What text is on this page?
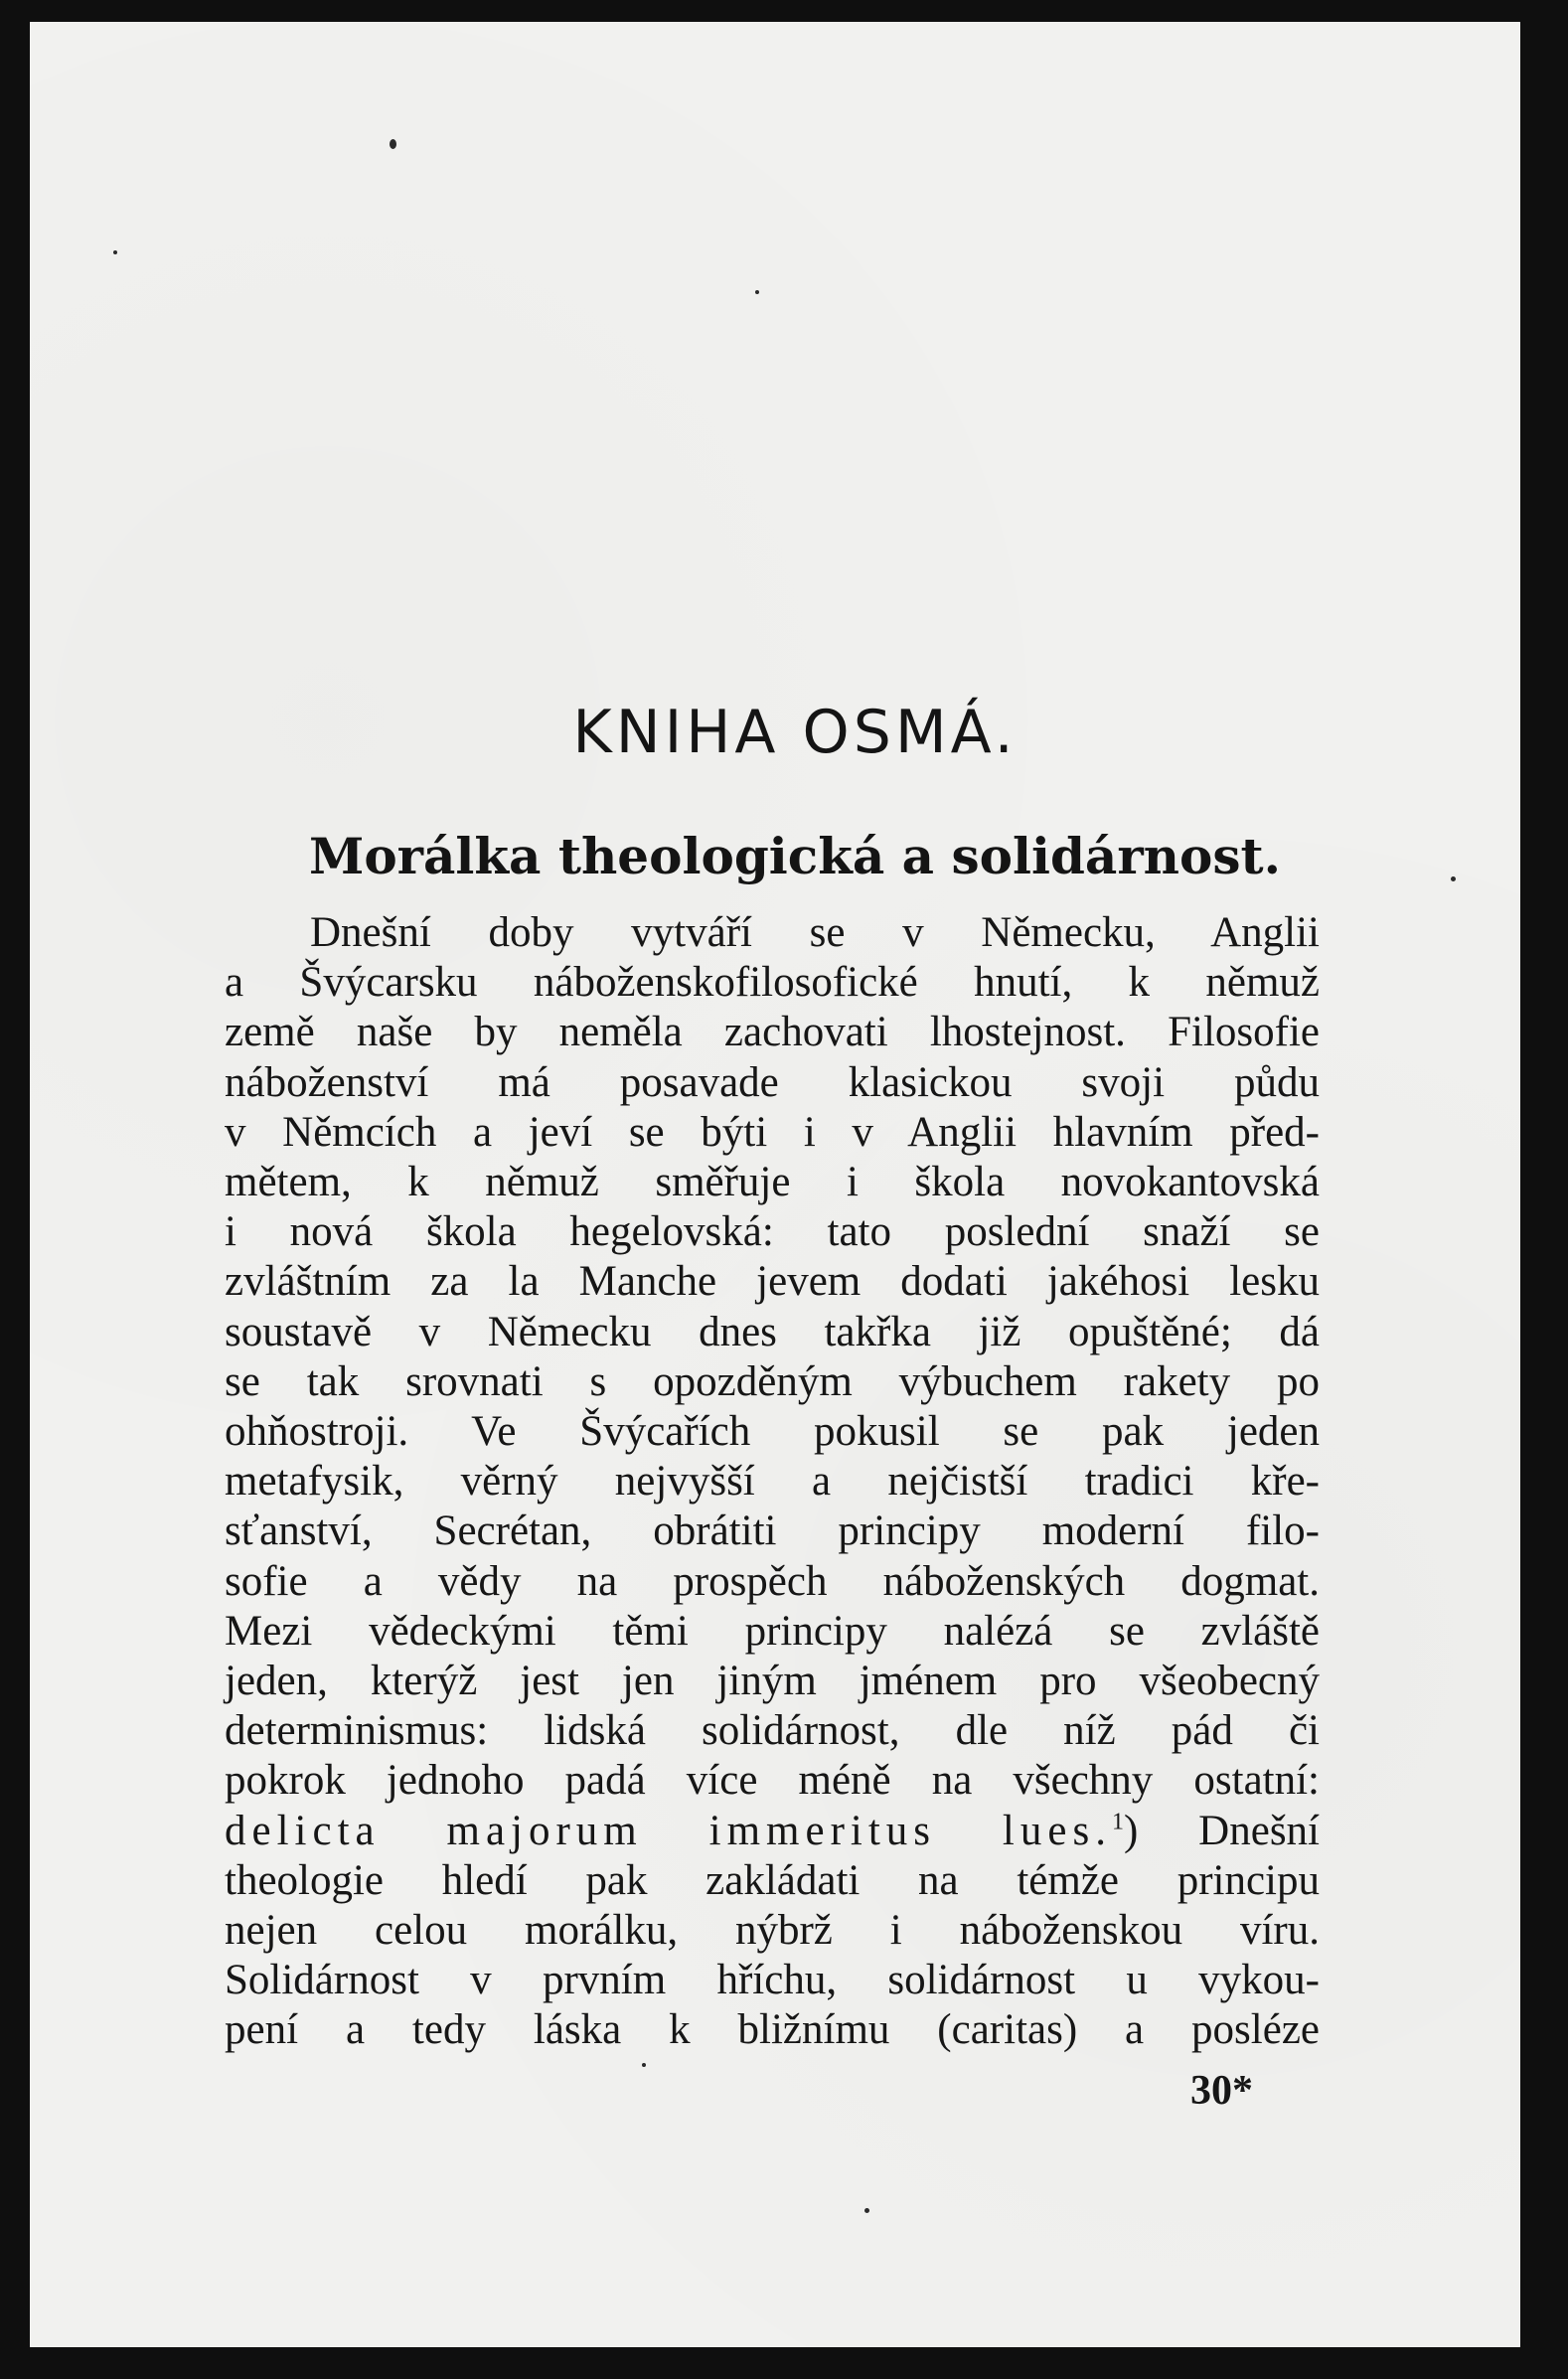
KNIHA OSMÁ.
Morálka theologická a solidárnost.
Dnešní doby vytváří se v Německu, Anglii
a Švýcarsku náboženskofilosofické hnutí, k němuž
země naše by neměla zachovati lhostejnost. Filosofie
náboženství má posavade klasickou svoji půdu
v Němcích a jeví se býti i v Anglii hlavním před-
mětem, k němuž směřuje i škola novokantovská
i nová škola hegelovská: tato poslední snaží se
zvláštním za la Manche jevem dodati jakéhosi lesku
soustavě v Německu dnes takřka již opuštěné; dá
se tak srovnati s opozděným výbuchem rakety po
ohňostroji. Ve Švýcařích pokusil se pak jeden
metafysik, věrný nejvyšší a nejčistší tradici kře-
sťanství, Secrétan, obrátiti principy moderní filo-
sofie a vědy na prospěch náboženských dogmat.
Mezi vědeckými těmi principy nalézá se zvláště
jeden, kterýž jest jen jiným jménem pro všeobecný
determinismus: lidská solidárnost, dle níž pád či
pokrok jednoho padá více méně na všechny ostatní:
delicta majorum immeritus lues.$^1$) Dnešní
theologie hledí pak zakládati na témže principu
nejen celou morálku, nýbrž i náboženskou víru.
Solidárnost v prvním hříchu, solidárnost u vykou-
pení a tedy láska k bližnímu (caritas) a posléze
30*
